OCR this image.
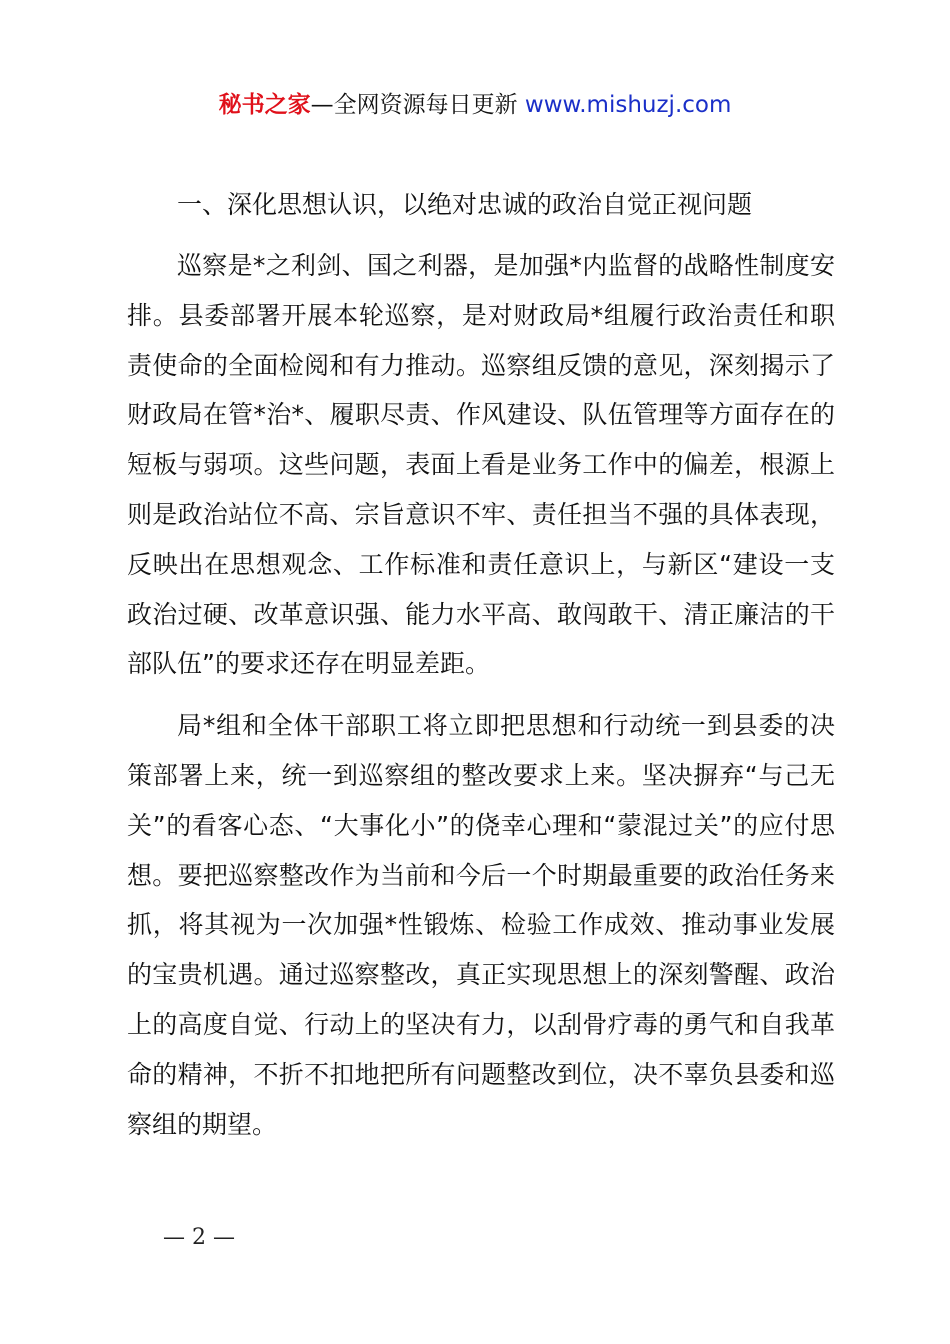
秘书之家—全网资源每日更新 www.mishuzj.com
一、深化思想认识，以绝对忠诚的政治自觉正视问题

巡察是*之利剑、国之利器，是加强*内监督的战略性制度安排。县委部署开展本轮巡察，是对财政局*组履行政治责任和职责使命的全面检阅和有力推动。巡察组反馈的意见，深刻揭示了财政局在管*治*、履职尽责、作风建设、队伍管理等方面存在的短板与弱项。这些问题，表面上看是业务工作中的偏差，根源上则是政治站位不高、宗旨意识不牢、责任担当不强的具体表现，反映出在思想观念、工作标准和责任意识上，与新区“建设一支政治过硬、改革意识强、能力水平高、敢闯敢干、清正廉洁的干部队伍”的要求还存在明显差距。

局*组和全体干部职工将立即把思想和行动统一到县委的决策部署上来，统一到巡察组的整改要求上来。坚决摒弃“与己无关”的看客心态、“大事化小”的侥幸心理和“蒙混过关”的应付思想。要把巡察整改作为当前和今后一个时期最重要的政治任务来抓，将其视为一次加强*性锻炼、检验工作成效、推动事业发展的宝贵机遇。通过巡察整改，真正实现思想上的深刻警醒、政治上的高度自觉、行动上的坚决有力，以刮骨疗毒的勇气和自我革命的精神，不折不扣地把所有问题整改到位，决不辜负县委和巡察组的期望。

— 2 —
